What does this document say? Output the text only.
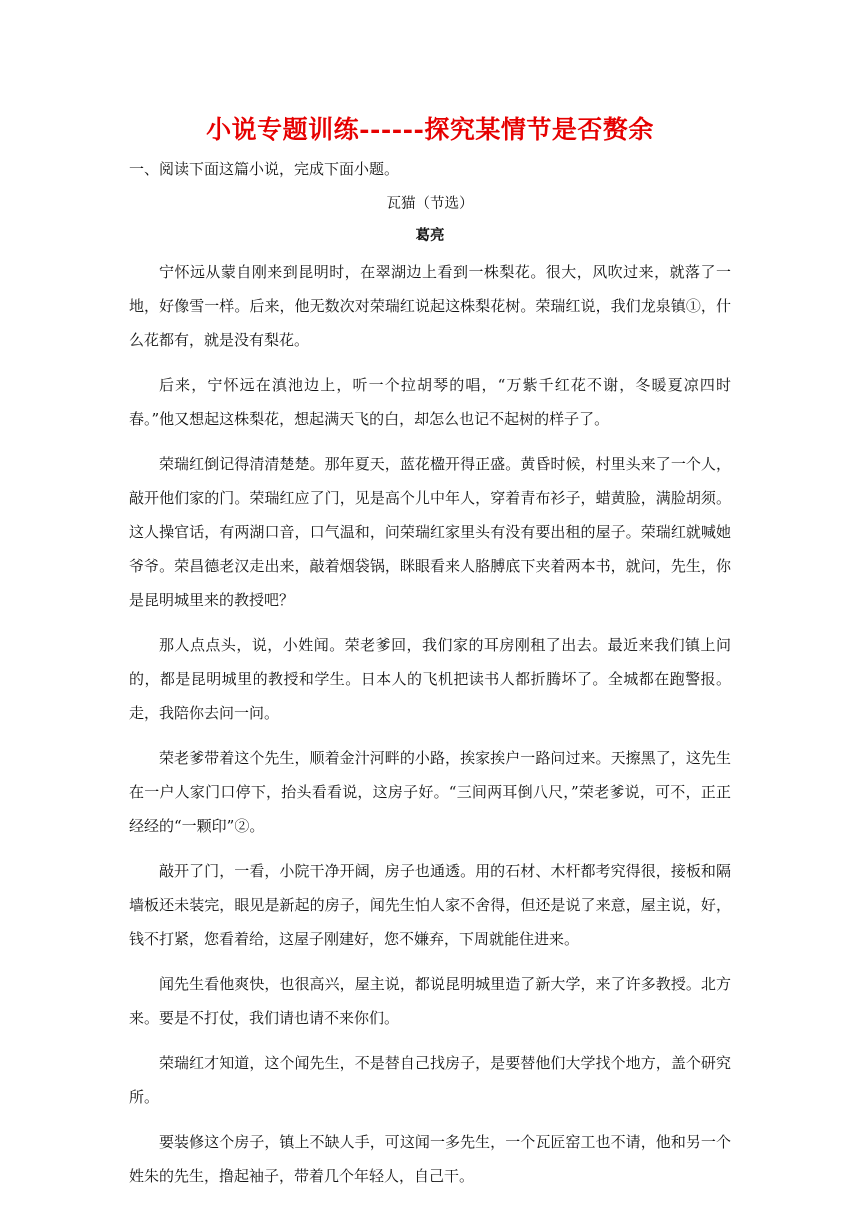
小说专题训练------探究某情节是否赘余
一、阅读下面这篇小说，完成下面小题。
瓦猫（节选）
葛亮

宁怀远从蒙自刚来到昆明时，在翠湖边上看到一株梨花。很大，风吹过来，就落了一地，好像雪一样。后来，他无数次对荣瑞红说起这株梨花树。荣瑞红说，我们龙泉镇①，什么花都有，就是没有梨花。

后来，宁怀远在滇池边上，听一个拉胡琴的唱，“万紫千红花不谢，冬暖夏凉四时春。”他又想起这株梨花，想起满天飞的白，却怎么也记不起树的样子了。

荣瑞红倒记得清清楚楚。那年夏天，蓝花楹开得正盛。黄昏时候，村里头来了一个人，敲开他们家的门。荣瑞红应了门，见是高个儿中年人，穿着青布衫子，蜡黄脸，满脸胡须。这人操官话，有两湖口音，口气温和，问荣瑞红家里头有没有要出租的屋子。荣瑞红就喊她爷爷。荣昌德老汉走出来，敲着烟袋锅，眯眼看来人胳膊底下夹着两本书，就问，先生，你是昆明城里来的教授吧？

那人点点头，说，小姓闻。荣老爹回，我们家的耳房刚租了出去。最近来我们镇上问的，都是昆明城里的教授和学生。日本人的飞机把读书人都折腾坏了。全城都在跑警报。走，我陪你去问一问。

荣老爹带着这个先生，顺着金汁河畔的小路，挨家挨户一路问过来。天擦黑了，这先生在一户人家门口停下，抬头看看说，这房子好。“三间两耳倒八尺，”荣老爹说，可不，正正经经的“一颗印”②。

敲开了门，一看，小院干净开阔，房子也通透。用的石材、木杆都考究得很，接板和隔墙板还未装完，眼见是新起的房子，闻先生怕人家不舍得，但还是说了来意，屋主说，好，钱不打紧，您看着给，这屋子刚建好，您不嫌弃，下周就能住进来。

闻先生看他爽快，也很高兴，屋主说，都说昆明城里造了新大学，来了许多教授。北方来。要是不打仗，我们请也请不来你们。

荣瑞红才知道，这个闻先生，不是替自己找房子，是要替他们大学找个地方，盖个研究所。

要装修这个房子，镇上不缺人手，可这闻一多先生，一个瓦匠窑工也不请，他和另一个姓朱的先生，撸起袖子，带着几个年轻人，自己干。
